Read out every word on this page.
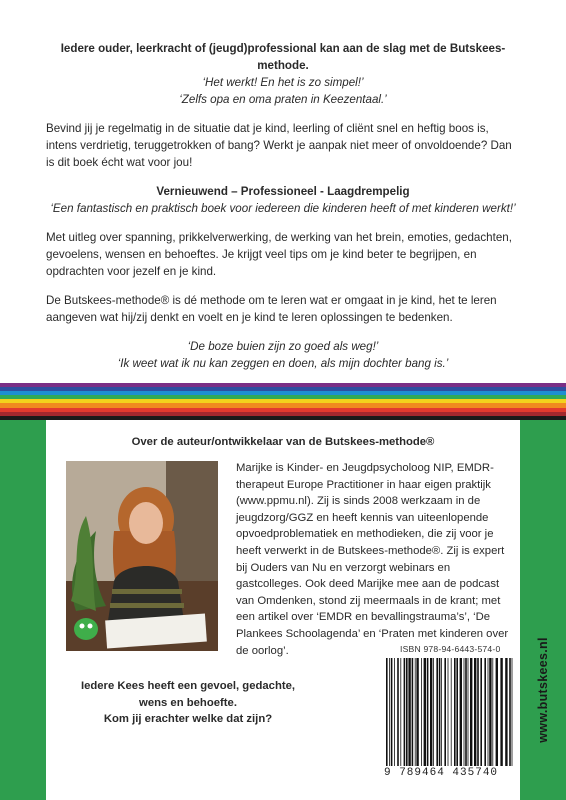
Iedere ouder, leerkracht of (jeugd)professional kan aan de slag met de Butskees-methode.

‘Het werkt! En het is zo simpel!’

‘Zelfs opa en oma praten in Keezentaal.’

Bevind jij je regelmatig in de situatie dat je kind, leerling of cliënt snel en heftig boos is, intens verdrietig, teruggetrokken of bang? Werkt je aanpak niet meer of onvoldoende? Dan is dit boek écht wat voor jou!

Vernieuwend – Professioneel - Laagdrempelig

‘Een fantastisch en praktisch boek voor iedereen die kinderen heeft of met kinderen werkt!’

Met uitleg over spanning, prikkelverwerking, de werking van het brein, emoties, gedachten, gevoelens, wensen en behoeftes. Je krijgt veel tips om je kind beter te begrijpen, en opdrachten voor jezelf en je kind.

De Butskees-methode® is dé methode om te leren wat er omgaat in je kind, het te leren aangeven wat hij/zij denkt en voelt en je kind te leren oplossingen te bedenken.

‘De boze buien zijn zo goed als weg!’

‘Ik weet wat ik nu kan zeggen en doen, als mijn dochter bang is.’

Over de auteur/ontwikkelaar van de Butskees-methode®

Marijke is Kinder- en Jeugdpsycholoog NIP, EMDR-therapeut Europe Practitioner in haar eigen praktijk (www.ppmu.nl). Zij is sinds 2008 werkzaam in de jeugdzorg/GGZ en heeft kennis van uiteenlopende opvoedproblematiek en methodieken, die zij voor je heeft verwerkt in de Butskees-methode®. Zij is expert bij Ouders van Nu en verzorgt webinars en gastcolleges. Ook deed Marijke mee aan de podcast van Omdenken, stond zij meermaals in de krant; met een artikel over ‘EMDR en bevallingstrauma’s’, ‘De Plankees Schoolagenda’ en ‘Praten met kinderen over de oorlog’.	ISBN 978-94-6443-574-0
9 789464 435740
Iedere Kees heeft een gevoel, gedachte,
wens en behoefte.
Kom jij erachter welke dat zijn?	www.butskees.nl
